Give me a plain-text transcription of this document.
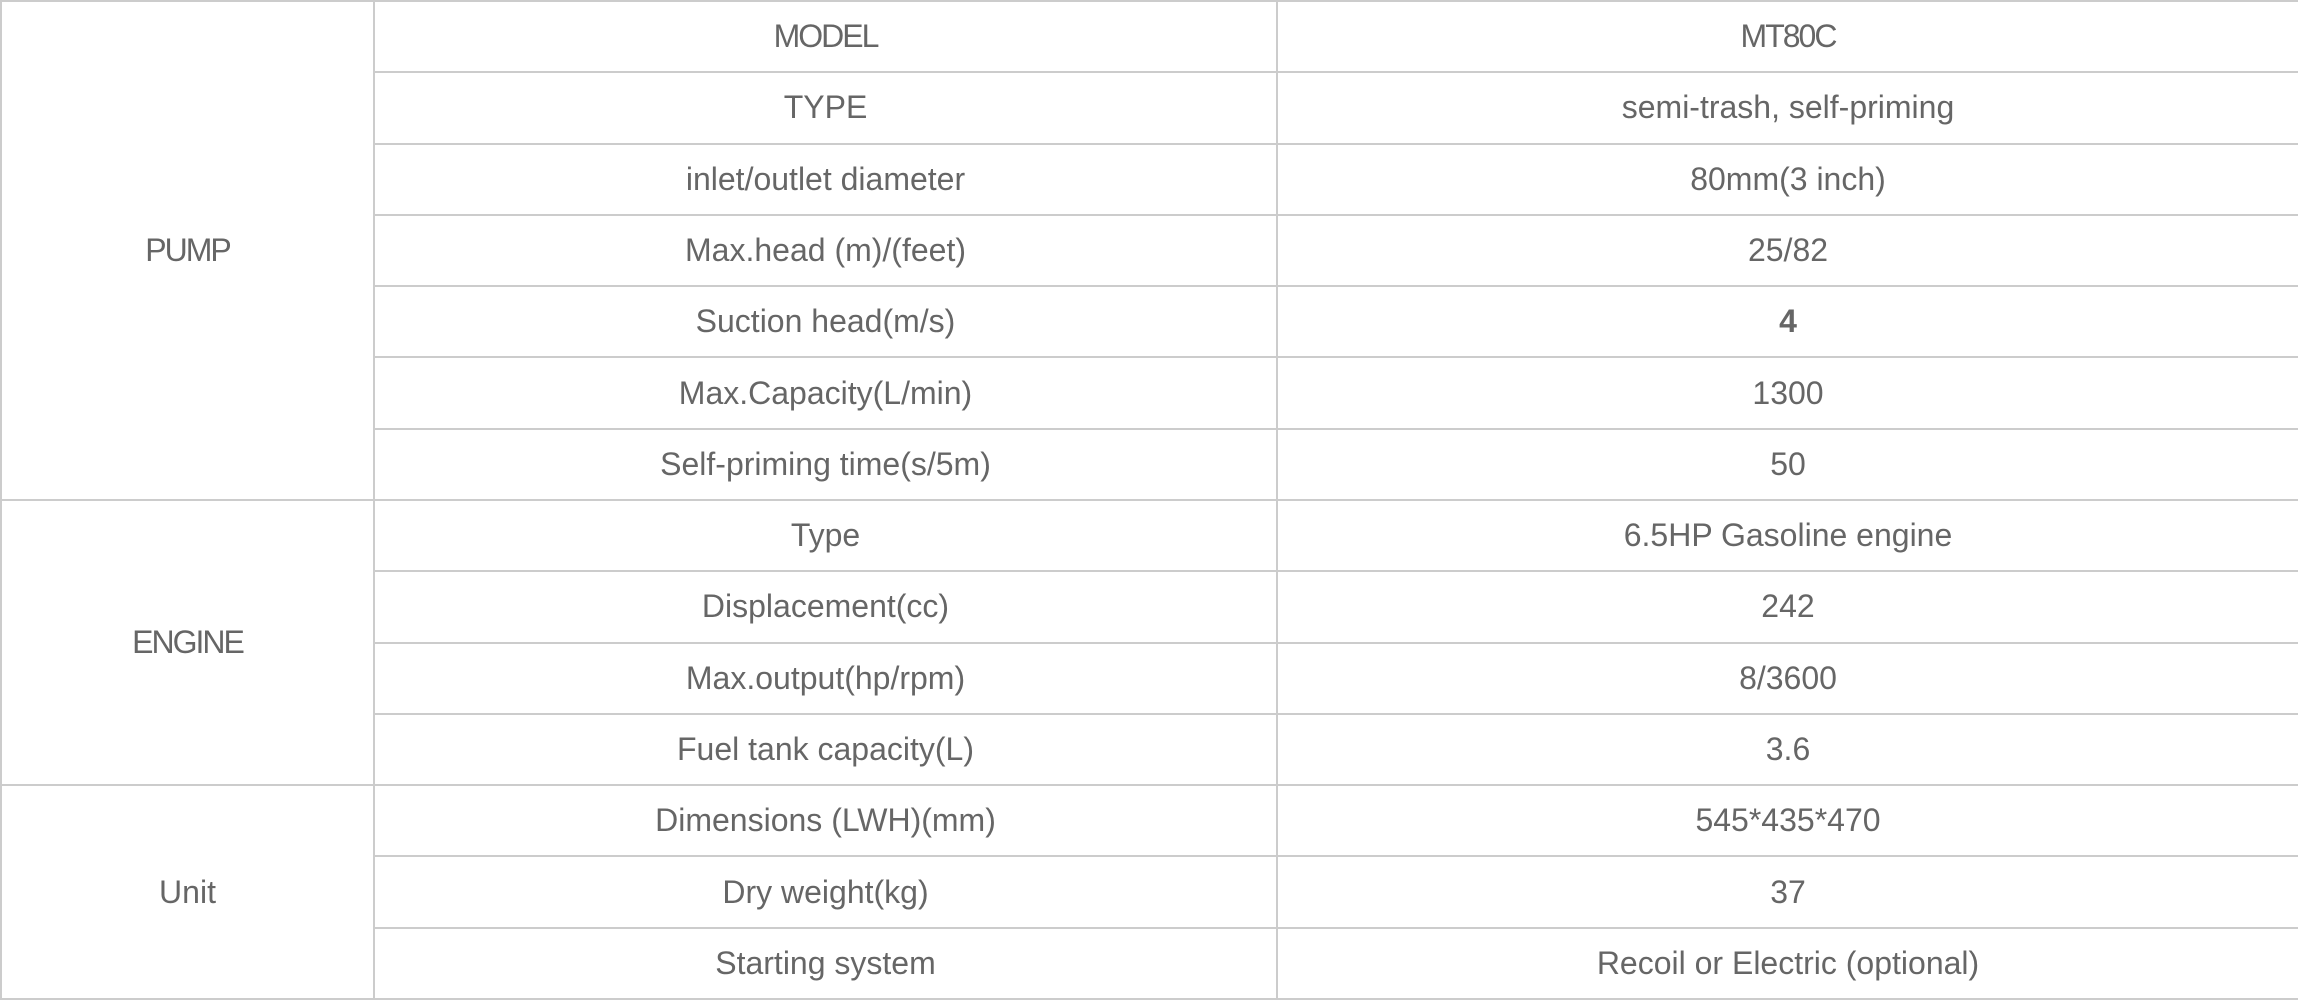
PUMP	MODEL	MT80C
	TYPE	semi-trash, self-priming
	inlet/outlet diameter	80mm(3 inch)
	Max.head (m)/(feet)	25/82
	Suction head(m/s)	4
	Max.Capacity(L/min)	1300
	Self-priming time(s/5m)	50
ENGINE	Type	6.5HP Gasoline engine
	Displacement(cc)	242
	Max.output(hp/rpm)	8/3600
	Fuel tank capacity(L)	3.6
Unit	Dimensions (LWH)(mm)	545*435*470
	Dry weight(kg)	37
	Starting system	Recoil or Electric (optional)
